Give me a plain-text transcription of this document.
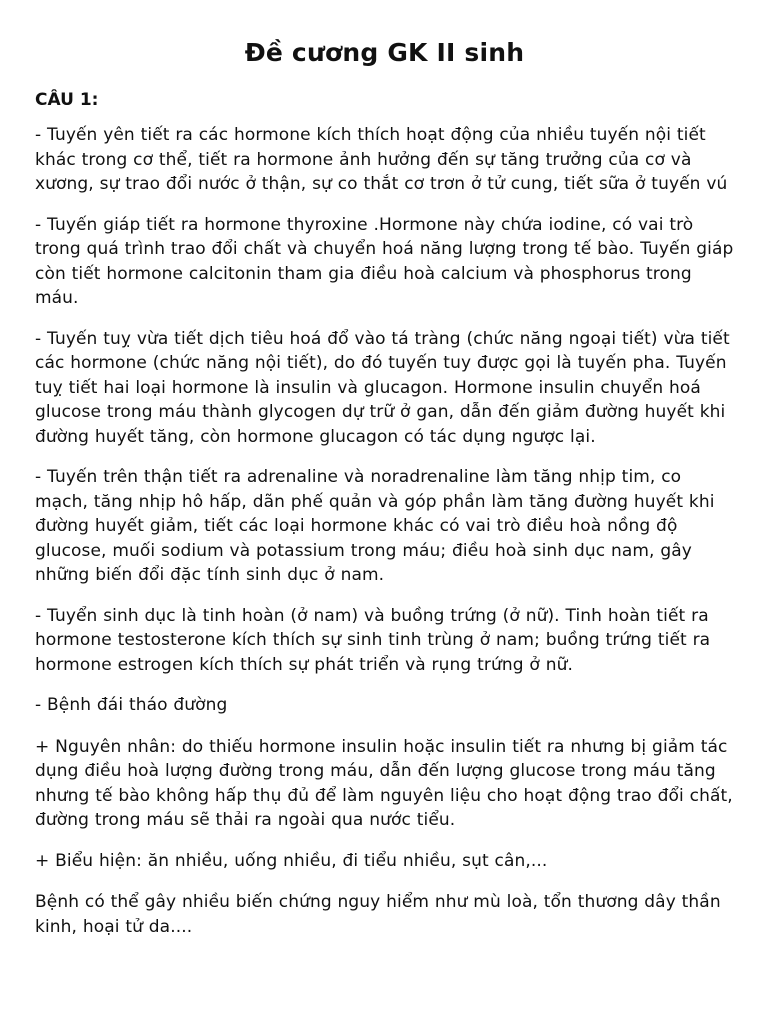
Đề cương GK II sinh
CÂU 1:

- Tuyến yên tiết ra các hormone kích thích hoạt động của nhiều tuyến nội tiết khác trong cơ thể, tiết ra hormone ảnh hưởng đến sự tăng trưởng của cơ và xương, sự trao đổi nước ở thận, sự co thắt cơ trơn ở tử cung, tiết sữa ở tuyến vú

- Tuyến giáp tiết ra hormone thyroxine .Hormone này chứa iodine, có vai trò trong quá trình trao đổi chất và chuyển hoá năng lượng trong tế bào. Tuyến giáp còn tiết hormone calcitonin tham gia điều hoà calcium và phosphorus trong máu.

- Tuyến tuỵ vừa tiết dịch tiêu hoá đổ vào tá tràng (chức năng ngoại tiết) vừa tiết các hormone (chức năng nội tiết), do đó tuyến tuy được gọi là tuyến pha. Tuyến tuỵ tiết hai loại hormone là insulin và glucagon. Hormone insulin chuyển hoá glucose trong máu thành glycogen dự trữ ở gan, dẫn đến giảm đường huyết khi đường huyết tăng, còn hormone glucagon có tác dụng ngược lại.

- Tuyến trên thận tiết ra adrenaline và noradrenaline làm tăng nhịp tim, co mạch, tăng nhịp hô hấp, dãn phế quản và góp phần làm tăng đường huyết khi đường huyết giảm, tiết các loại hormone khác có vai trò điều hoà nồng độ glucose, muối sodium và potassium trong máu; điều hoà sinh dục nam, gây những biến đổi đặc tính sinh dục ở nam.

- Tuyển sinh dục là tinh hoàn (ở nam) và buồng trứng (ở nữ). Tinh hoàn tiết ra hormone testosterone kích thích sự sinh tinh trùng ở nam; buồng trứng tiết ra hormone estrogen kích thích sự phát triển và rụng trứng ở nữ.

- Bệnh đái tháo đường

+ Nguyên nhân: do thiếu hormone insulin hoặc insulin tiết ra nhưng bị giảm tác dụng điều hoà lượng đường trong máu, dẫn đến lượng glucose trong máu tăng nhưng tế bào không hấp thụ đủ để làm nguyên liệu cho hoạt động trao đổi chất, đường trong máu sẽ thải ra ngoài qua nước tiểu.

+ Biểu hiện: ăn nhiều, uống nhiều, đi tiểu nhiều, sụt cân,...

Bệnh có thể gây nhiều biến chứng nguy hiểm như mù loà, tổn thương dây thần kinh, hoại tử da....
